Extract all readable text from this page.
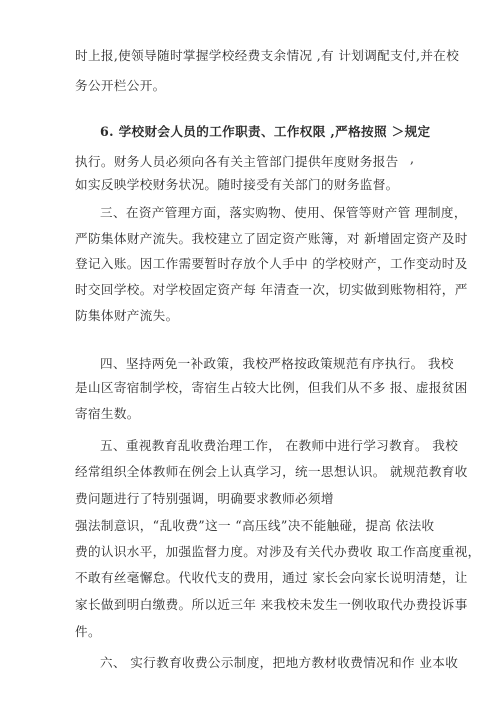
时上报,使领导随时掌握学校经费支余情况 ,有 计划调配支付,并在校
务公开栏公开。
6. 学校财会人员的工作职责、工作权限 ,严格按照 ＞规定
执行。财务人员必须向各有关主管部门提供年度财务报告 ,
如实反映学校财务状况。随时接受有关部门的财务监督。
三、在资产管理方面，落实购物、使用、保管等财产管 理制度，
严防集体财产流失。我校建立了固定资产账簿，对 新增固定资产及时
登记入账。因工作需要暂时存放个人手中 的学校财产，工作变动时及
时交回学校。对学校固定资产每 年清查一次，切实做到账物相符，严
防集体财产流失。
四、坚持两免一补政策，我校严格按政策规范有序执行。 我校
是山区寄宿制学校，寄宿生占较大比例，但我们从不多 报、虚报贫困
寄宿生数。
五、重视教育乱收费治理工作， 在教师中进行学习教育。 我校
经常组织全体教师在例会上认真学习，统一思想认识。 就规范教育收
费问题进行了特别强调，明确要求教师必须增
强法制意识，“乱收费”这一 “高压线”决不能触碰，提高 依法收
费的认识水平，加强监督力度。对涉及有关代办费收 取工作高度重视，
不敢有丝毫懈怠。代收代支的费用，通过 家长会向家长说明清楚，让
家长做到明白缴费。所以近三年 来我校未发生一例收取代办费投诉事
件。
六、 实行教育收费公示制度，把地方教材收费情况和作 业本收
